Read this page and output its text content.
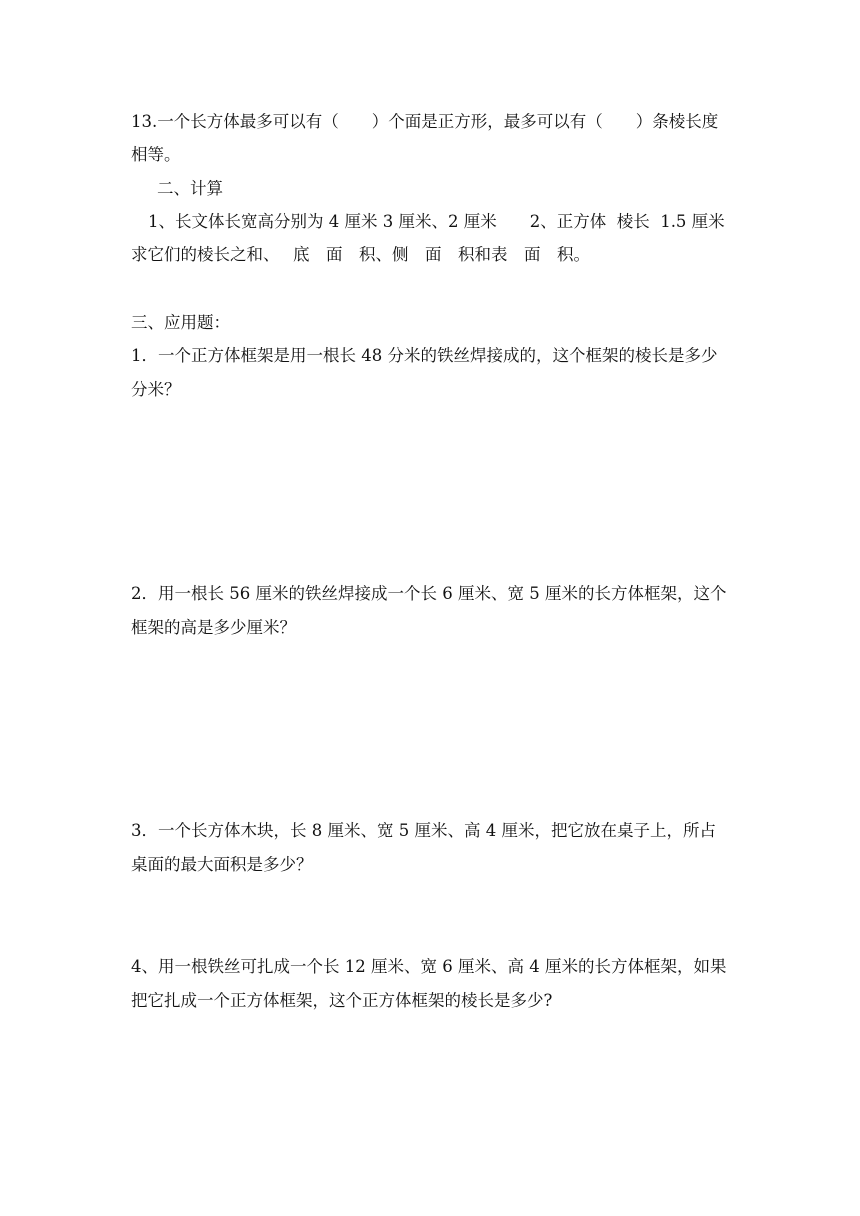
13.一个长方体最多可以有（　　）个面是正方形，最多可以有（　　）条棱长度

相等。

二、计算

1、长文体长宽高分别为 4 厘米 3 厘米、2 厘米　　2、正方体  棱长  1.5 厘米

求它们的棱长之和、　 底　面　积、侧　面　积和表　面　积。

三、应用题：

1．一个正方体框架是用一根长 48 分米的铁丝焊接成的，这个框架的棱长是多少

分米？

2．用一根长 56 厘米的铁丝焊接成一个长 6 厘米、宽 5 厘米的长方体框架，这个

框架的高是多少厘米？

3．一个长方体木块，长 8 厘米、宽 5 厘米、高 4 厘米，把它放在桌子上，所占

桌面的最大面积是多少？

4、用一根铁丝可扎成一个长 12 厘米、宽 6 厘米、高 4 厘米的长方体框架，如果

把它扎成一个正方体框架，这个正方体框架的棱长是多少?
